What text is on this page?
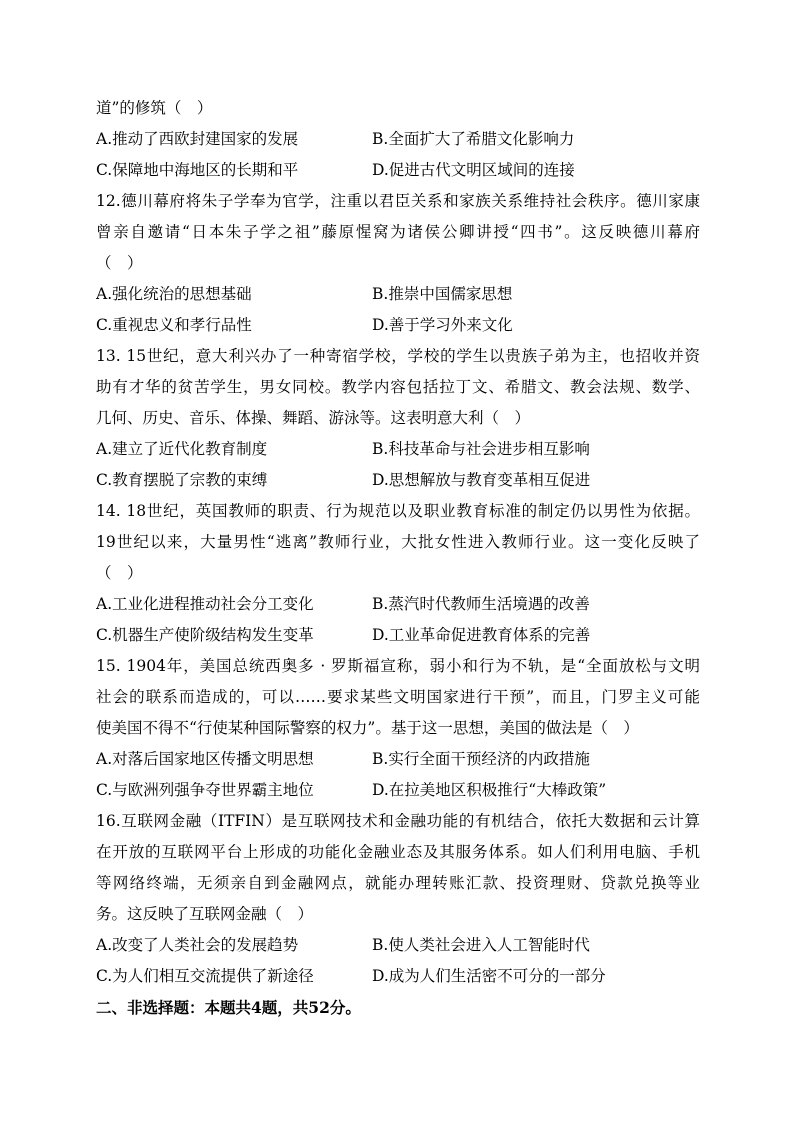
道”的修筑（　）
A.推动了西欧封建国家的发展	B.全面扩大了希腊文化影响力
C.保障地中海地区的长期和平	D.促进古代文明区域间的连接
12.德川幕府将朱子学奉为官学，注重以君臣关系和家族关系维持社会秩序。德川家康
曾亲自邀请“日本朱子学之祖”藤原惺窝为诸侯公卿讲授“四书”。这反映德川幕府
（　）
A.强化统治的思想基础	B.推崇中国儒家思想
C.重视忠义和孝行品性	D.善于学习外来文化
13. 15世纪，意大利兴办了一种寄宿学校，学校的学生以贵族子弟为主，也招收并资
助有才华的贫苦学生，男女同校。教学内容包括拉丁文、希腊文、教会法规、数学、
几何、历史、音乐、体操、舞蹈、游泳等。这表明意大利（　）
A.建立了近代化教育制度	B.科技革命与社会进步相互影响
C.教育摆脱了宗教的束缚	D.思想解放与教育变革相互促进
14. 18世纪，英国教师的职责、行为规范以及职业教育标准的制定仍以男性为依据。
19世纪以来，大量男性“逃离”教师行业，大批女性进入教师行业。这一变化反映了
（　）
A.工业化进程推动社会分工变化	B.蒸汽时代教师生活境遇的改善
C.机器生产使阶级结构发生变革	D.工业革命促进教育体系的完善
15. 1904年，美国总统西奥多 · 罗斯福宣称，弱小和行为不轨，是“全面放松与文明
社会的联系而造成的，可以……要求某些文明国家进行干预”，而且，门罗主义可能
使美国不得不“行使某种国际警察的权力”。基于这一思想，美国的做法是（　）
A.对落后国家地区传播文明思想	B.实行全面干预经济的内政措施
C.与欧洲列强争夺世界霸主地位	D.在拉美地区积极推行“大棒政策”
16.互联网金融（ITFIN）是互联网技术和金融功能的有机结合，依托大数据和云计算
在开放的互联网平台上形成的功能化金融业态及其服务体系。如人们利用电脑、手机
等网络终端，无须亲自到金融网点，就能办理转账汇款、投资理财、贷款兑换等业
务。这反映了互联网金融（　）
A.改变了人类社会的发展趋势	B.使人类社会进入人工智能时代
C.为人们相互交流提供了新途径	D.成为人们生活密不可分的一部分
二、非选择题：本题共4题，共52分。
